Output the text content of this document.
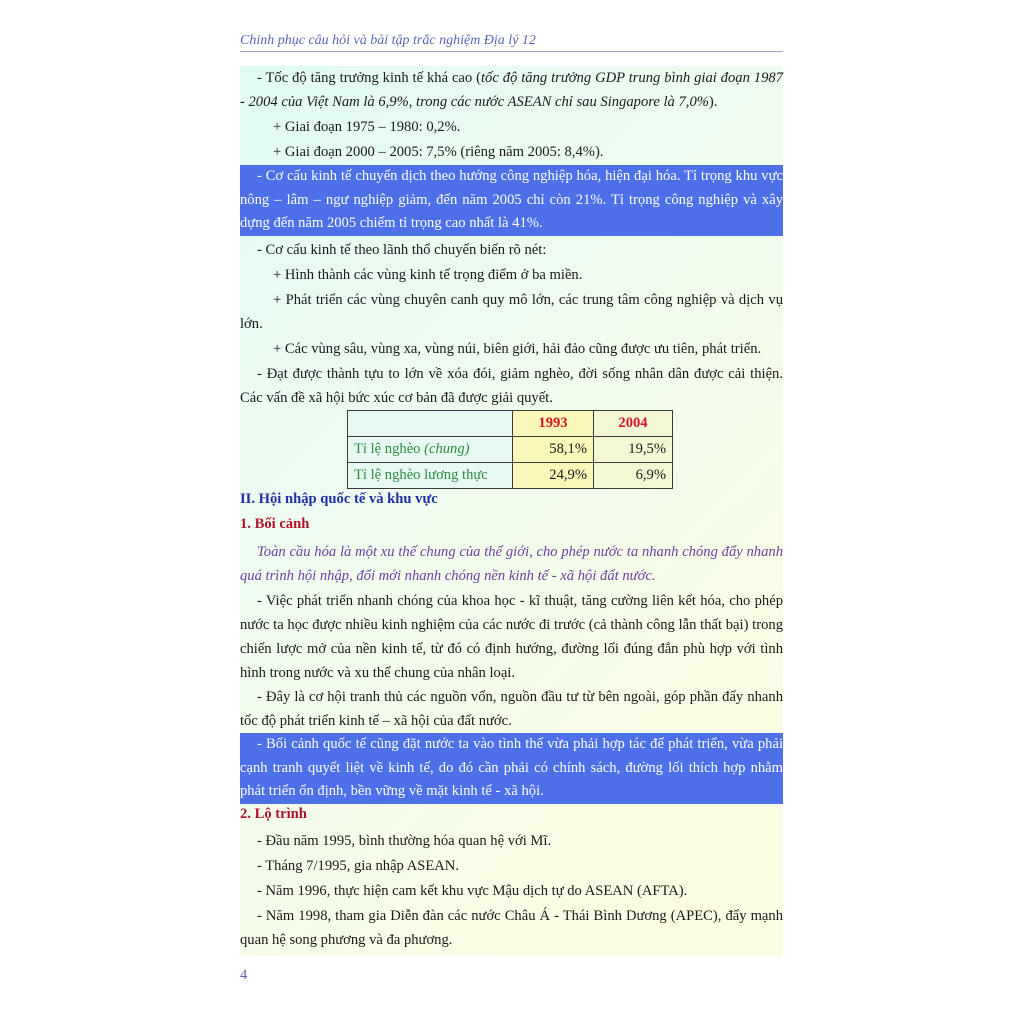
Chinh phục câu hỏi và bài tập trắc nghiệm Địa lý 12
- Tốc độ tăng trưởng kinh tế khá cao (tốc độ tăng trưởng GDP trung bình giai đoạn 1987 - 2004 của Việt Nam là 6,9%, trong các nước ASEAN chỉ sau Singapore là 7,0%).
+ Giai đoạn 1975 – 1980: 0,2%.
+ Giai đoạn 2000 – 2005: 7,5% (riêng năm 2005: 8,4%).
- Cơ cấu kinh tế chuyển dịch theo hướng công nghiệp hóa, hiện đại hóa. Tỉ trọng khu vực nông – lâm – ngư nghiệp giảm, đến năm 2005 chỉ còn 21%. Tỉ trọng công nghiệp và xây dựng đến năm 2005 chiếm tỉ trọng cao nhất là 41%.
- Cơ cấu kinh tế theo lãnh thổ chuyển biến rõ nét:
+ Hình thành các vùng kinh tế trọng điểm ở ba miền.
+ Phát triển các vùng chuyên canh quy mô lớn, các trung tâm công nghiệp và dịch vụ lớn.
+ Các vùng sâu, vùng xa, vùng núi, biên giới, hải đảo cũng được ưu tiên, phát triển.
- Đạt được thành tựu to lớn về xóa đói, giảm nghèo, đời sống nhân dân được cải thiện. Các vấn đề xã hội bức xúc cơ bản đã được giải quyết.
	1993	2004
Tỉ lệ nghèo (chung)	58,1%	19,5%
Tỉ lệ nghèo lương thực	24,9%	6,9%
II. Hội nhập quốc tế và khu vực
1. Bối cảnh
Toàn cầu hóa là một xu thế chung của thế giới, cho phép nước ta nhanh chóng đẩy nhanh quá trình hội nhập, đổi mới nhanh chóng nền kinh tế - xã hội đất nước.
- Việc phát triển nhanh chóng của khoa học - kĩ thuật, tăng cường liên kết hóa, cho phép nước ta học được nhiều kinh nghiệm của các nước đi trước (cả thành công lẫn thất bại) trong chiến lược mở của nền kinh tế, từ đó có định hướng, đường lối đúng đắn phù hợp với tình hình trong nước và xu thế chung của nhân loại.
- Đây là cơ hội tranh thủ các nguồn vốn, nguồn đầu tư từ bên ngoài, góp phần đẩy nhanh tốc độ phát triển kinh tế – xã hội của đất nước.
- Bối cảnh quốc tế cũng đặt nước ta vào tình thế vừa phải hợp tác để phát triển, vừa phải cạnh tranh quyết liệt về kinh tế, do đó cần phải có chính sách, đường lối thích hợp nhằm phát triển ổn định, bền vững về mặt kinh tế - xã hội.
2. Lộ trình
- Đầu năm 1995, bình thường hóa quan hệ với Mĩ.
- Tháng 7/1995, gia nhập ASEAN.
- Năm 1996, thực hiện cam kết khu vực Mậu dịch tự do ASEAN (AFTA).
- Năm 1998, tham gia Diễn đàn các nước Châu Á - Thái Bình Dương (APEC), đẩy mạnh quan hệ song phương và đa phương.
4
